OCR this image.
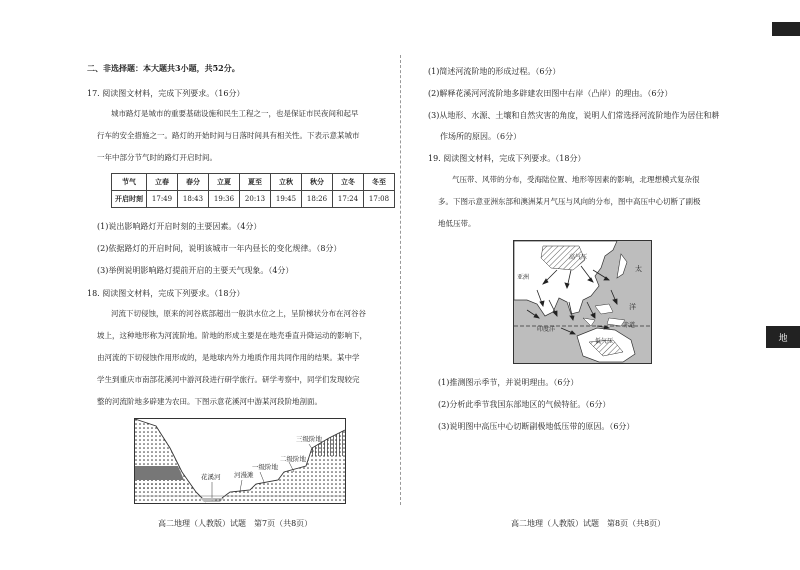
地
二、非选择题：本大题共3小题，共52分。
17. 阅读图文材料，完成下列要求。（16分）
城市路灯是城市的重要基础设施和民生工程之一，也是保证市民夜间和起早
行车的安全措施之一。路灯的开始时间与日落时间具有相关性。下表示意某城市
一年中部分节气时的路灯开启时间。
节气	立春	春分	立夏	夏至	立秋	秋分	立冬	冬至
开启时刻	17:49	18:43	19:36	20:13	19:45	18:26	17:24	17:08
(1)说出影响路灯开启时刻的主要因素。（4分）
(2)依据路灯的开启时间，说明该城市一年内昼长的变化规律。（8分）
(3)举例说明影响路灯提前开启的主要天气现象。（4分）
18. 阅读图文材料，完成下列要求。（18分）
河流下切侵蚀，原来的河谷底部超出一般洪水位之上，呈阶梯状分布在河谷谷
坡上，这种地形称为河流阶地。阶地的形成主要是在地壳垂直升降运动的影响下，
由河流的下切侵蚀作用形成的，是地球内外力地质作用共同作用的结果。某中学
学生到重庆市南部花溪河中游河段进行研学旅行。研学考察中，同学们发现较完
整的河流阶地多辟建为农田。下图示意花溪河中游某河段阶地剖面。
花溪河 河漫滩
一级阶地
二级阶地
三级阶地
高二地理（人教版）试题　第7页（共8页）
(1)简述河流阶地的形成过程。（6分）
(2)解释花溪河河流阶地多辟建农田图中右岸（凸岸）的理由。（6分）
(3)从地形、水源、土壤和自然灾害的角度，说明人们常选择河流阶地作为居住和耕
作场所的原因。（6分）
19. 阅读图文材料，完成下列要求。（18分）
气压带、风带的分布，受海陆位置、地形等因素的影响，北理想模式复杂很
多。下图示意亚洲东部和澳洲某月气压与风向的分布，图中高压中心切断了副极
地低压带。
高气压
亚洲
太
洋
赤道
印度洋
低气压
(1)推测图示季节，并说明理由。（6分）
(2)分析此季节我国东部地区的气候特征。（6分）
(3)说明图中高压中心切断副极地低压带的原因。（6分）
高二地理（人教版）试题　第8页（共8页）
